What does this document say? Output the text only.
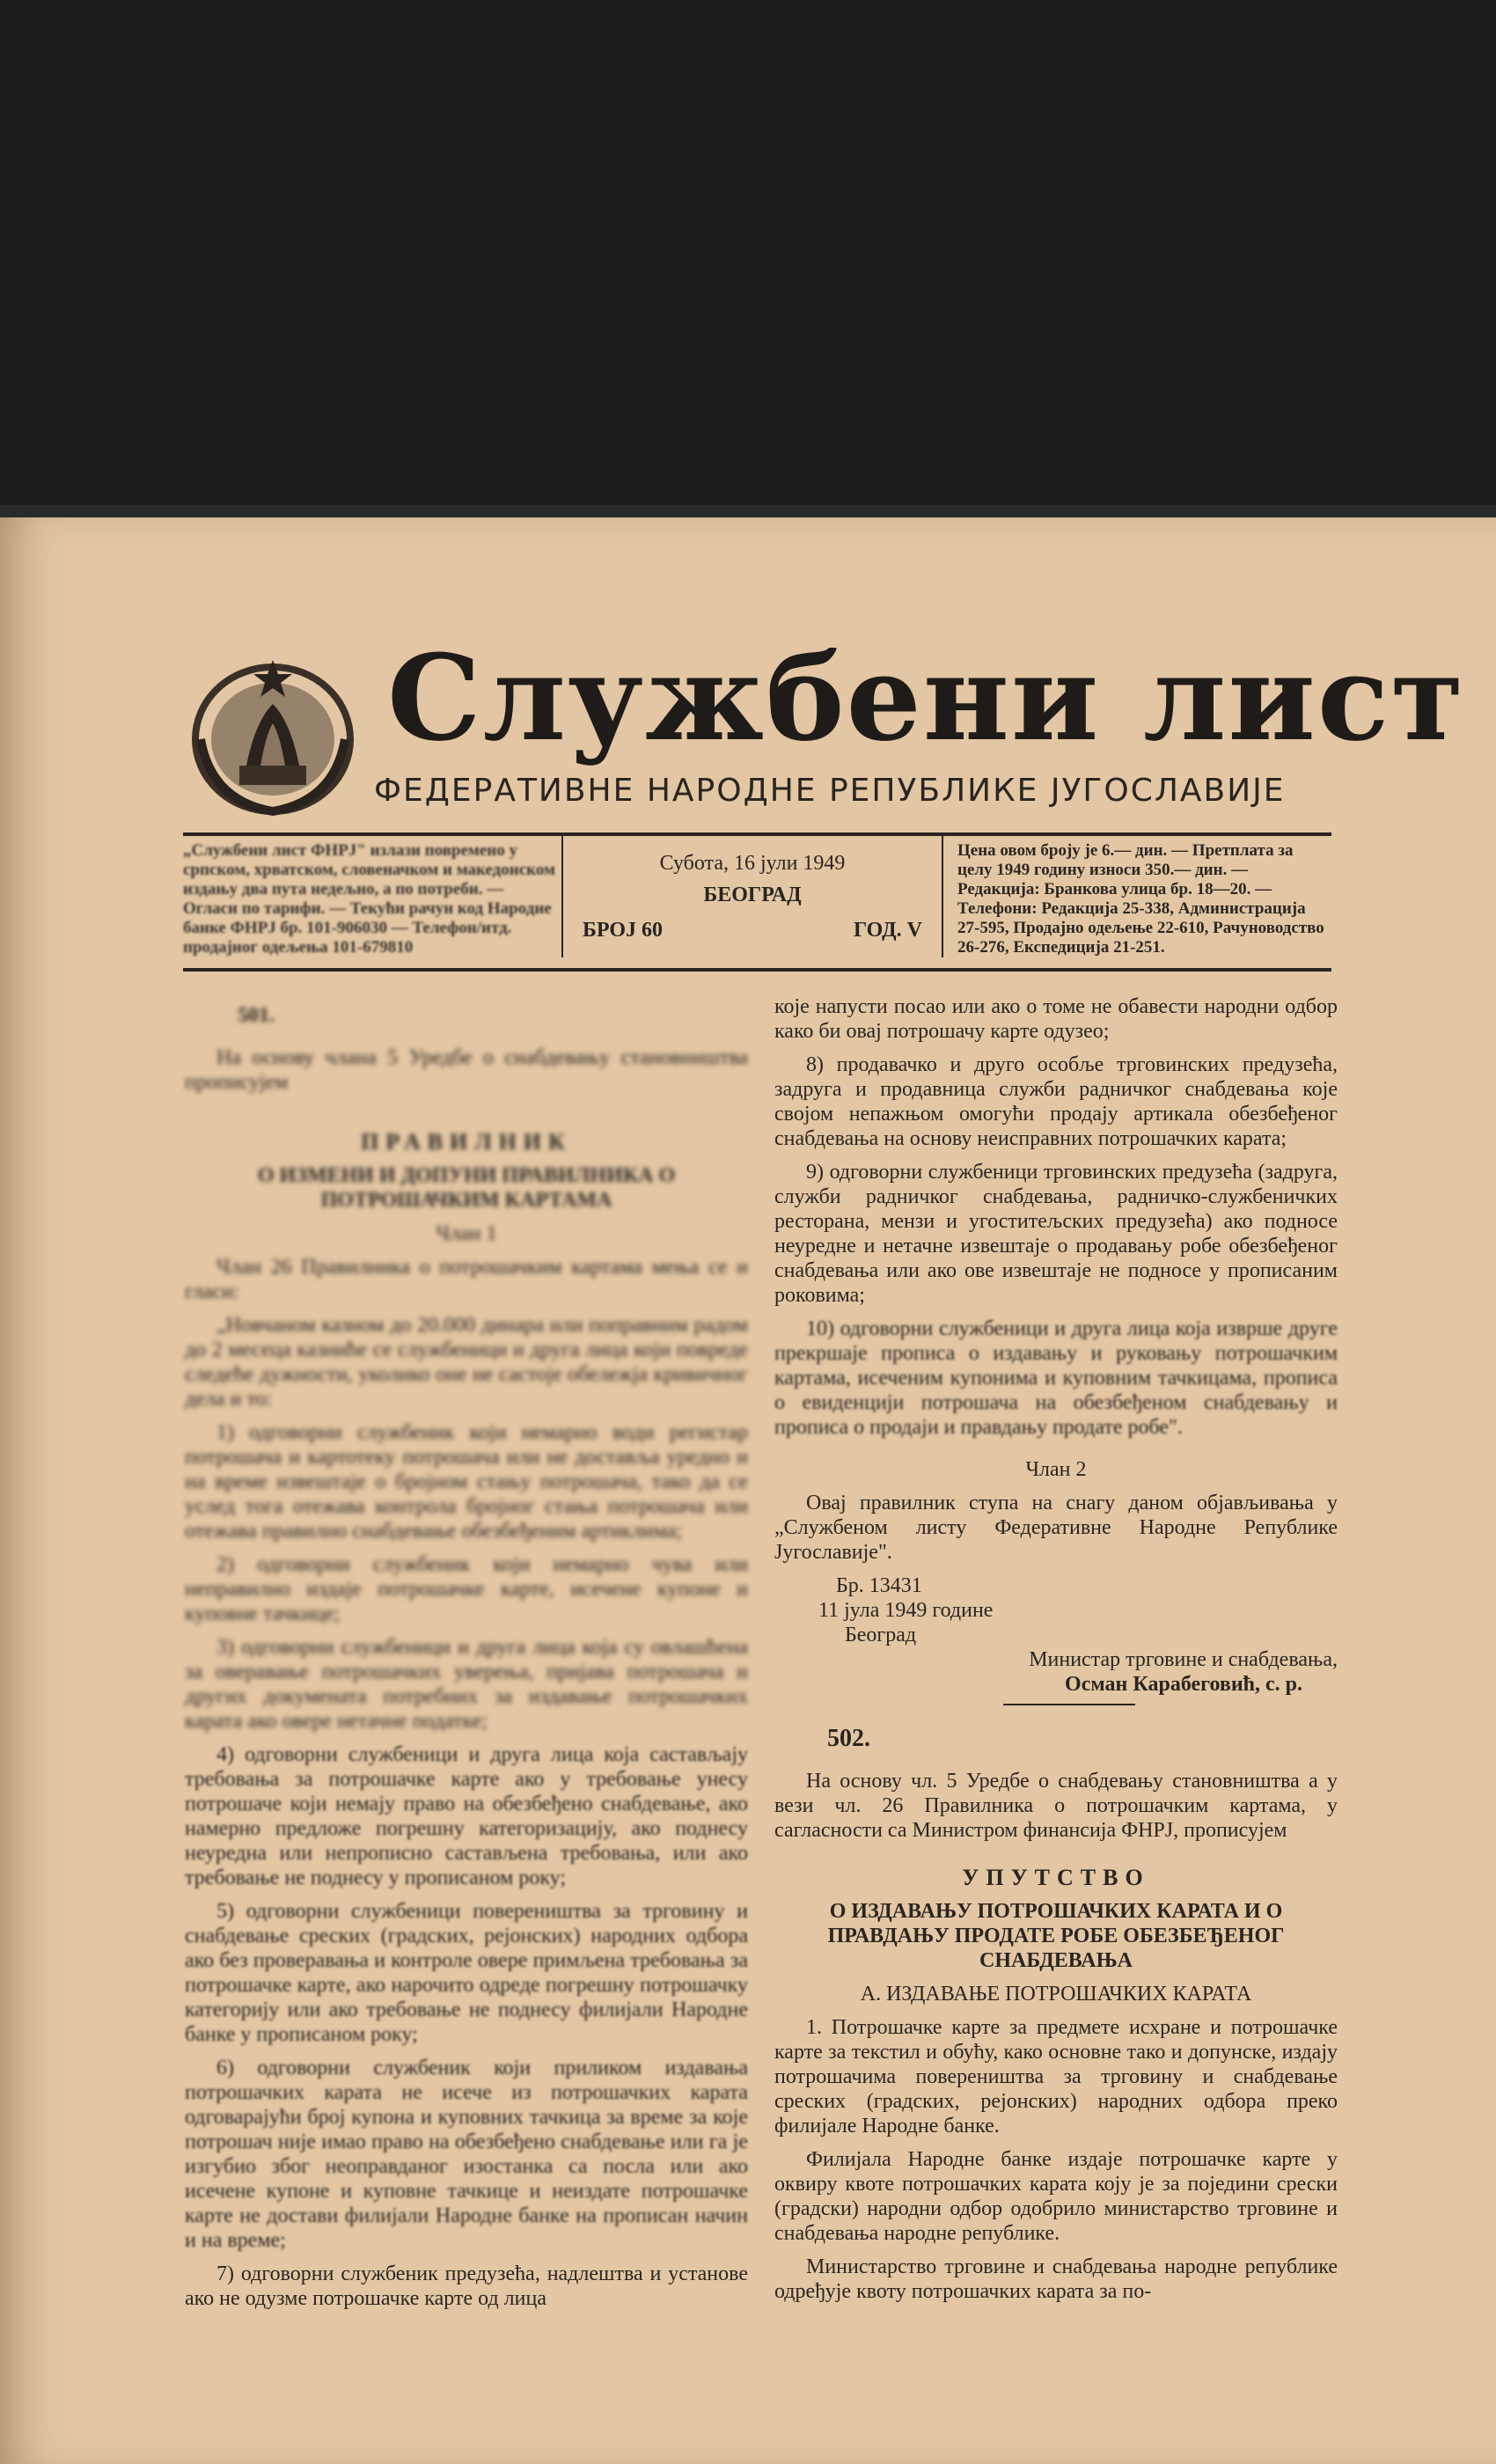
Службени лист
ФЕДЕРАТИВНЕ НАРОДНЕ РЕПУБЛИКЕ ЈУГОСЛАВИЈЕ
„Службени лист ФНРЈ" излази повремено у српском, хрватском, словеначком и македонском издању два пута недељно, а по потреби. — Огласи по тарифи. — Текући рачун код Народне банке ФНРЈ бр. 101-906030 — Телефон/итд. продајног одељења 101-679810
Субота, 16 јули 1949
БЕОГРАД
БРОЈ 60	ГОД. V
Цена овом броју је 6.— дин. — Претплата за целу 1949 годину износи 350.— дин. — Редакција: Бранкова улица бр. 18—20. — Телефони: Редакција 25-338, Администрација 27-595, Продајно одељење 22-610, Рачуноводство 26-276, Експедиција 21-251.
501.

На основу члана 5 Уредбе о снабдевању становништва прописујем

ПРАВИЛНИК

О ИЗМЕНИ И ДОПУНИ ПРАВИЛНИКА О ПОТРОШАЧКИМ КАРТАМА

Члан 1

Члан 26 Правилника о потрошачким картама мења се и гласи:

„Новчаном казном до 20.000 динара или поправним радом до 2 месеца казниће се службеници и друга лица који повреде следеће дужности, уколико оне не састоје обележја кривичног дела и то:

1) одговорни службеник који немарно води регистар потрошача и картотеку потрошача или не доставља уредно и на време извештаје о бројном стању потрошача, тако да се услед тога отежава контрола бројног стања потрошача или отежава правилно снабдевање обезбеђеним артиклима;

2) одговорни службеник који немарно чува или неправилно издаје потрошачке карте, исечене купоне и куповне тачкице;

3) одговорни службеници и друга лица која су овлашћена за оверавање потрошачких уверења, пријава потрошача и других докумената потребних за издавање потрошачких карата ако овере нетачне податке;

4) одговорни службеници и друга лица која састављају требовања за потрошачке карте ако у требовање унесу потрошаче који немају право на обезбеђено снабдевање, ако намерно предложе погрешну категоризацију, ако поднесу неуредна или непрописно састављена требовања, или ако требовање не поднесу у прописаном року;

5) одговорни службеници повереништва за трговину и снабдевање среских (градских, рејонских) народних одбора ако без проверавања и контроле овере примљена требовања за потрошачке карте, ако нарочито одреде погрешну потрошачку категорију или ако требовање не поднесу филијали Народне банке у прописаном року;

6) одговорни службеник који приликом издавања потрошачких карата не исече из потрошачких карата одговарајући број купона и куповних тачкица за време за које потрошач није имао право на обезбеђено снабдевање или га је изгубио због неоправданог изостанка са посла или ако исечене купоне и куповне тачкице и неиздате потрошачке карте не достави филијали Народне банке на прописан начин и на време;

7) одговорни службеник предузећа, надлештва и установе ако не одузме потрошачке карте од лица

које напусти посао или ако о томе не обавести народни одбор како би овај потрошачу карте одузео;

8) продавачко и друго особље трговинских предузећа, задруга и продавница служби радничког снабдевања које својом непажњом омогући продају артикала обезбеђеног снабдевања на основу неисправних потрошачких карата;

9) одговорни службеници трговинских предузећа (задруга, служби радничког снабдевања, радничко-службеничких ресторана, мензи и угоститељских предузећа) ако подносе неуредне и нетачне извештаје о продавању робе обезбеђеног снабдевања или ако ове извештаје не подносе у прописаним роковима;

10) одговорни службеници и друга лица која изврше друге прекршаје прописа о издавању и руковању потрошачким картама, исеченим купонима и куповним тачкицама, прописа о евиденцији потрошача на обезбеђеном снабдевању и прописа о продаји и правдању продате робе".

Члан 2

Овај правилник ступа на снагу даном објављивања у „Службеном листу Федеративне Народне Републике Југославије".

Бр. 13431
11 јула 1949 године
Београд
Министар трговине и снабдевања,
Осман Карабеговић, с. р.
502.

На основу чл. 5 Уредбе о снабдевању становништва а у вези чл. 26 Правилника о потрошачким картама, у сагласности са Министром финансија ФНРЈ, прописујем

УПУТСТВО

О ИЗДАВАЊУ ПОТРОШАЧКИХ КАРАТА И О ПРАВДАЊУ ПРОДАТЕ РОБЕ ОБЕЗБЕЂЕНОГ СНАБДЕВАЊА

А. ИЗДАВАЊЕ ПОТРОШАЧКИХ КАРАТА

1. Потрошачке карте за предмете исхране и потрошачке карте за текстил и обућу, како основне тако и допунске, издају потрошачима повереништва за трговину и снабдевање среских (градских, рејонских) народних одбора преко филијале Народне банке.

Филијала Народне банке издаје потрошачке карте у оквиру квоте потрошачких карата коју је за поједини срески (градски) народни одбор одобрило министарство трговине и снабдевања народне републике.

Министарство трговине и снабдевања народне републике одређује квоту потрошачких карата за по-
